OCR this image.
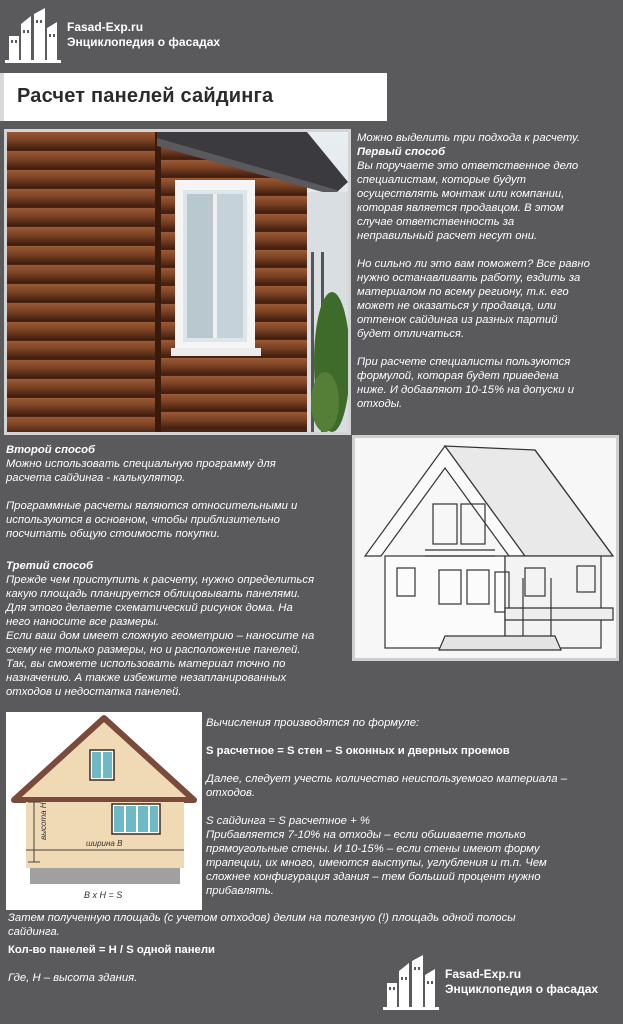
Fasad-Exp.ru
Энциклопедия о фасадах
Расчет панелей сайдинга

Можно выделить три подхода к расчету.

Первый способ

Вы поручаете это ответственное дело

специалистам, которые будут

осуществлять монтаж или компании,

которая является продавцом. В этом

случае ответственность за

неправильный расчет несут они.

Но сильно ли это вам поможет? Все равно

нужно останавливать работу, ездить за

материалом по всему региону, т.к. его

может не оказаться у продавца, или

оттенок сайдинга из разных партий

будет отличаться.

При расчете специалисты пользуются

формулой, которая будет приведена

ниже. И добавляют 10-15% на допуски и

отходы.

Второй способ

Можно использовать специальную программу для

расчета сайдинга - калькулятор.

Программные расчеты являются относительными и

используются в основном, чтобы приблизительно

посчитать общую стоимость покупки.

Третий способ

Прежде чем приступить к расчету, нужно определиться

какую площадь планируется облицовывать панелями.

Для этого делаете схематический рисунок дома. На

него наносите все размеры.

Если ваш дом имеет сложную геометрию – наносите на

схему не только размеры, но и расположение панелей.

Так, вы сможете использовать материал точно по

назначению. А также избежите незапланированных

отходов и недостатка панелей.

высота H
ширина B
B x H = S

Вычисления производятся по формуле:

S расчетное = S стен – S оконных и дверных проемов

Далее, следует учесть количество неиспользуемого материала –

отходов.

S сайдинга = S расчетное + %

Прибавляется 7-10% на отходы – если обшиваете только

прямоугольные стены. И 10-15% – если стены имеют форму

трапеции, их много, имеются выступы, углубления и т.п. Чем

сложнее конфигурация здания – тем больший процент нужно

прибавлять.

Затем полученную площадь (с учетом отходов) делим на полезную (!) площадь одной полосы

сайдинга.

Кол-во панелей = Н / S одной панели

Где, Н – высота здания.	Fasad-Exp.ru
Энциклопедия о фасадах
